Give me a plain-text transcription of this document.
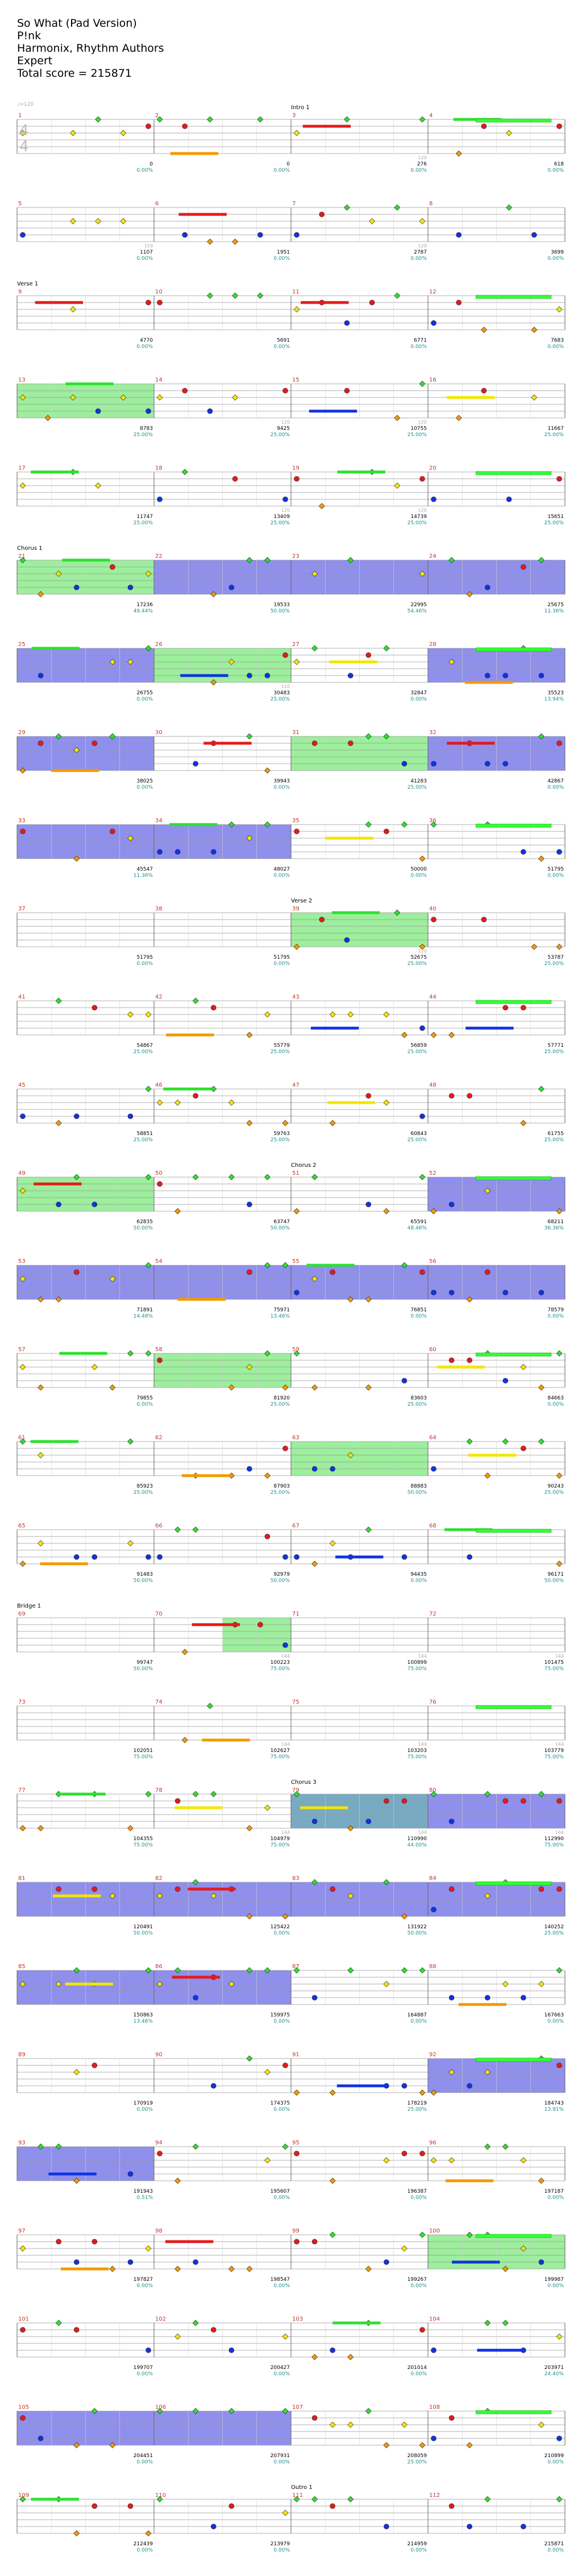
So What (Pad Version)
P!nk
Harmonix, Rhythm Authors
Expert
Total score = 215871
♩=120
4
4
Intro 1
1
0
0.00%
2
0
0.00%
3
120
276
0.00%
4
618
0.00%
5
120
1107
0.00%
6
1951
0.00%
7
120
2787
0.00%
8
3699
0.00%
Verse 1
9
4770
0.00%
10
5691
0.00%
11
6771
0.00%
12
7683
0.00%
13
8783
25.00%
14
120
9425
25.00%
15
120
10755
25.00%
16
11667
25.00%
17
11747
25.00%
18
120
13409
25.00%
19
120
14739
25.00%
20
15651
25.00%
Chorus 1
21
17236
49.44%
22
19533
50.00%
23
22995
54.46%
24
25675
11.36%
25
26755
0.00%
26
120
30483
25.00%
27
32847
0.00%
28
35523
13.94%
29
38025
0.00%
30
39943
0.00%
31
41283
25.00%
32
42867
0.00%
33
45547
11.36%
34
48027
0.00%
35
50000
0.00%
36
51795
0.00%
Verse 2
37
51795
0.00%
38
51795
0.00%
39
120
52675
25.00%
40
53787
25.00%
41
54867
25.00%
42
55779
25.00%
43
56859
25.00%
44
57771
25.00%
45
58851
25.00%
46
59763
25.00%
47
60843
25.00%
48
61755
25.00%
Chorus 2
49
62835
50.00%
50
63747
50.00%
51
65591
48.46%
52
68211
36.36%
53
71891
14.48%
54
75971
13.46%
55
76851
0.00%
56
78579
0.00%
57
79855
0.00%
58
81920
25.00%
59
83603
25.00%
60
84663
0.00%
61
85923
25.00%
62
87903
25.00%
63
88883
50.00%
64
90243
25.00%
65
91483
50.00%
66
92979
50.00%
67
94435
0.00%
68
96171
50.00%
Bridge 1
69
99747
50.00%
70
144
100223
75.00%
71
144
100899
75.00%
72
144
101475
75.00%
73
102051
75.00%
74
144
102627
75.00%
75
144
103203
75.00%
76
144
103779
75.00%
Chorus 3
77
104355
75.00%
78
144
104979
75.00%
79
144
110990
44.00%
80
144
112990
75.00%
81
120491
50.00%
82
125422
0.00%
83
131922
50.00%
84
140252
25.00%
85
150863
13.46%
86
159975
0.00%
87
164887
0.00%
88
167663
0.00%
89
170919
0.00%
90
174375
0.00%
91
178219
25.00%
92
184743
13.91%
93
191943
0.51%
94
195607
0.00%
95
196387
0.00%
96
197187
0.00%
97
197827
0.00%
98
198547
0.00%
99
199267
0.00%
100
199987
0.00%
101
199707
0.00%
102
200427
0.00%
103
201014
0.00%
104
203971
24.40%
105
204451
0.00%
106
207931
0.00%
107
208059
25.00%
108
210899
0.00%
Outro 1
109
212439
0.00%
110
213979
0.00%
111
214959
0.00%
112
215871
0.00%
